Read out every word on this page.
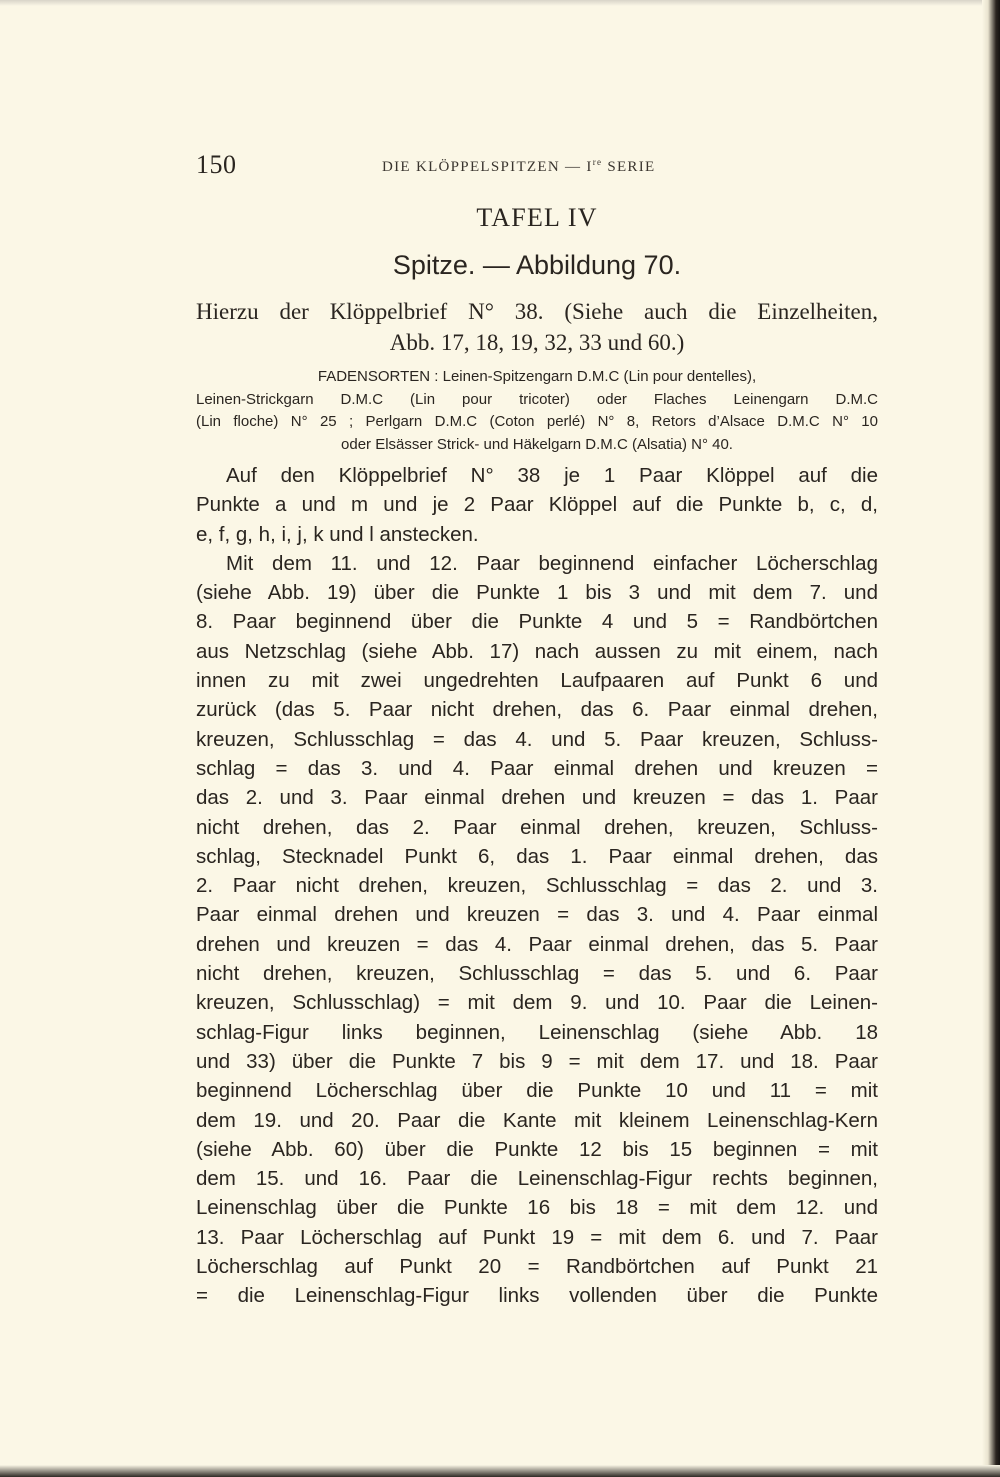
150	DIE KLÖPPELSPITZEN — Ire SERIE
TAFEL IV
Spitze. — Abbildung 70.
Hierzu der Klöppelbrief N° 38. (Siehe auch die Einzelheiten,
Abb. 17, 18, 19, 32, 33 und 60.)
FADENSORTEN : Leinen-Spitzengarn D.M.C (Lin pour dentelles),
Leinen-Strickgarn D.M.C (Lin pour tricoter) oder Flaches Leinengarn D.M.C
(Lin floche) N° 25 ; Perlgarn D.M.C (Coton perlé) N° 8, Retors d’Alsace D.M.C N° 10
oder Elsässer Strick- und Häkelgarn D.M.C (Alsatia) N° 40.
Auf den Klöppelbrief N° 38 je 1 Paar Klöppel auf die
Punkte a und m und je 2 Paar Klöppel auf die Punkte b, c, d,
e, f, g, h, i, j, k und l anstecken.
Mit dem 11. und 12. Paar beginnend einfacher Löcherschlag
(siehe Abb. 19) über die Punkte 1 bis 3 und mit dem 7. und
8. Paar beginnend über die Punkte 4 und 5 = Randbörtchen
aus Netzschlag (siehe Abb. 17) nach aussen zu mit einem, nach
innen zu mit zwei ungedrehten Laufpaaren auf Punkt 6 und
zurück (das 5. Paar nicht drehen, das 6. Paar einmal drehen,
kreuzen, Schlusschlag = das 4. und 5. Paar kreuzen, Schluss-
schlag = das 3. und 4. Paar einmal drehen und kreuzen =
das 2. und 3. Paar einmal drehen und kreuzen = das 1. Paar
nicht drehen, das 2. Paar einmal drehen, kreuzen, Schluss-
schlag, Stecknadel Punkt 6, das 1. Paar einmal drehen, das
2. Paar nicht drehen, kreuzen, Schlusschlag = das 2. und 3.
Paar einmal drehen und kreuzen = das 3. und 4. Paar einmal
drehen und kreuzen = das 4. Paar einmal drehen, das 5. Paar
nicht drehen, kreuzen, Schlusschlag = das 5. und 6. Paar
kreuzen, Schlusschlag) = mit dem 9. und 10. Paar die Leinen-
schlag-Figur links beginnen, Leinenschlag (siehe Abb. 18
und 33) über die Punkte 7 bis 9 = mit dem 17. und 18. Paar
beginnend Löcherschlag über die Punkte 10 und 11 = mit
dem 19. und 20. Paar die Kante mit kleinem Leinenschlag-Kern
(siehe Abb. 60) über die Punkte 12 bis 15 beginnen = mit
dem 15. und 16. Paar die Leinenschlag-Figur rechts beginnen,
Leinenschlag über die Punkte 16 bis 18 = mit dem 12. und
13. Paar Löcherschlag auf Punkt 19 = mit dem 6. und 7. Paar
Löcherschlag auf Punkt 20 = Randbörtchen auf Punkt 21
= die Leinenschlag-Figur links vollenden über die Punkte
